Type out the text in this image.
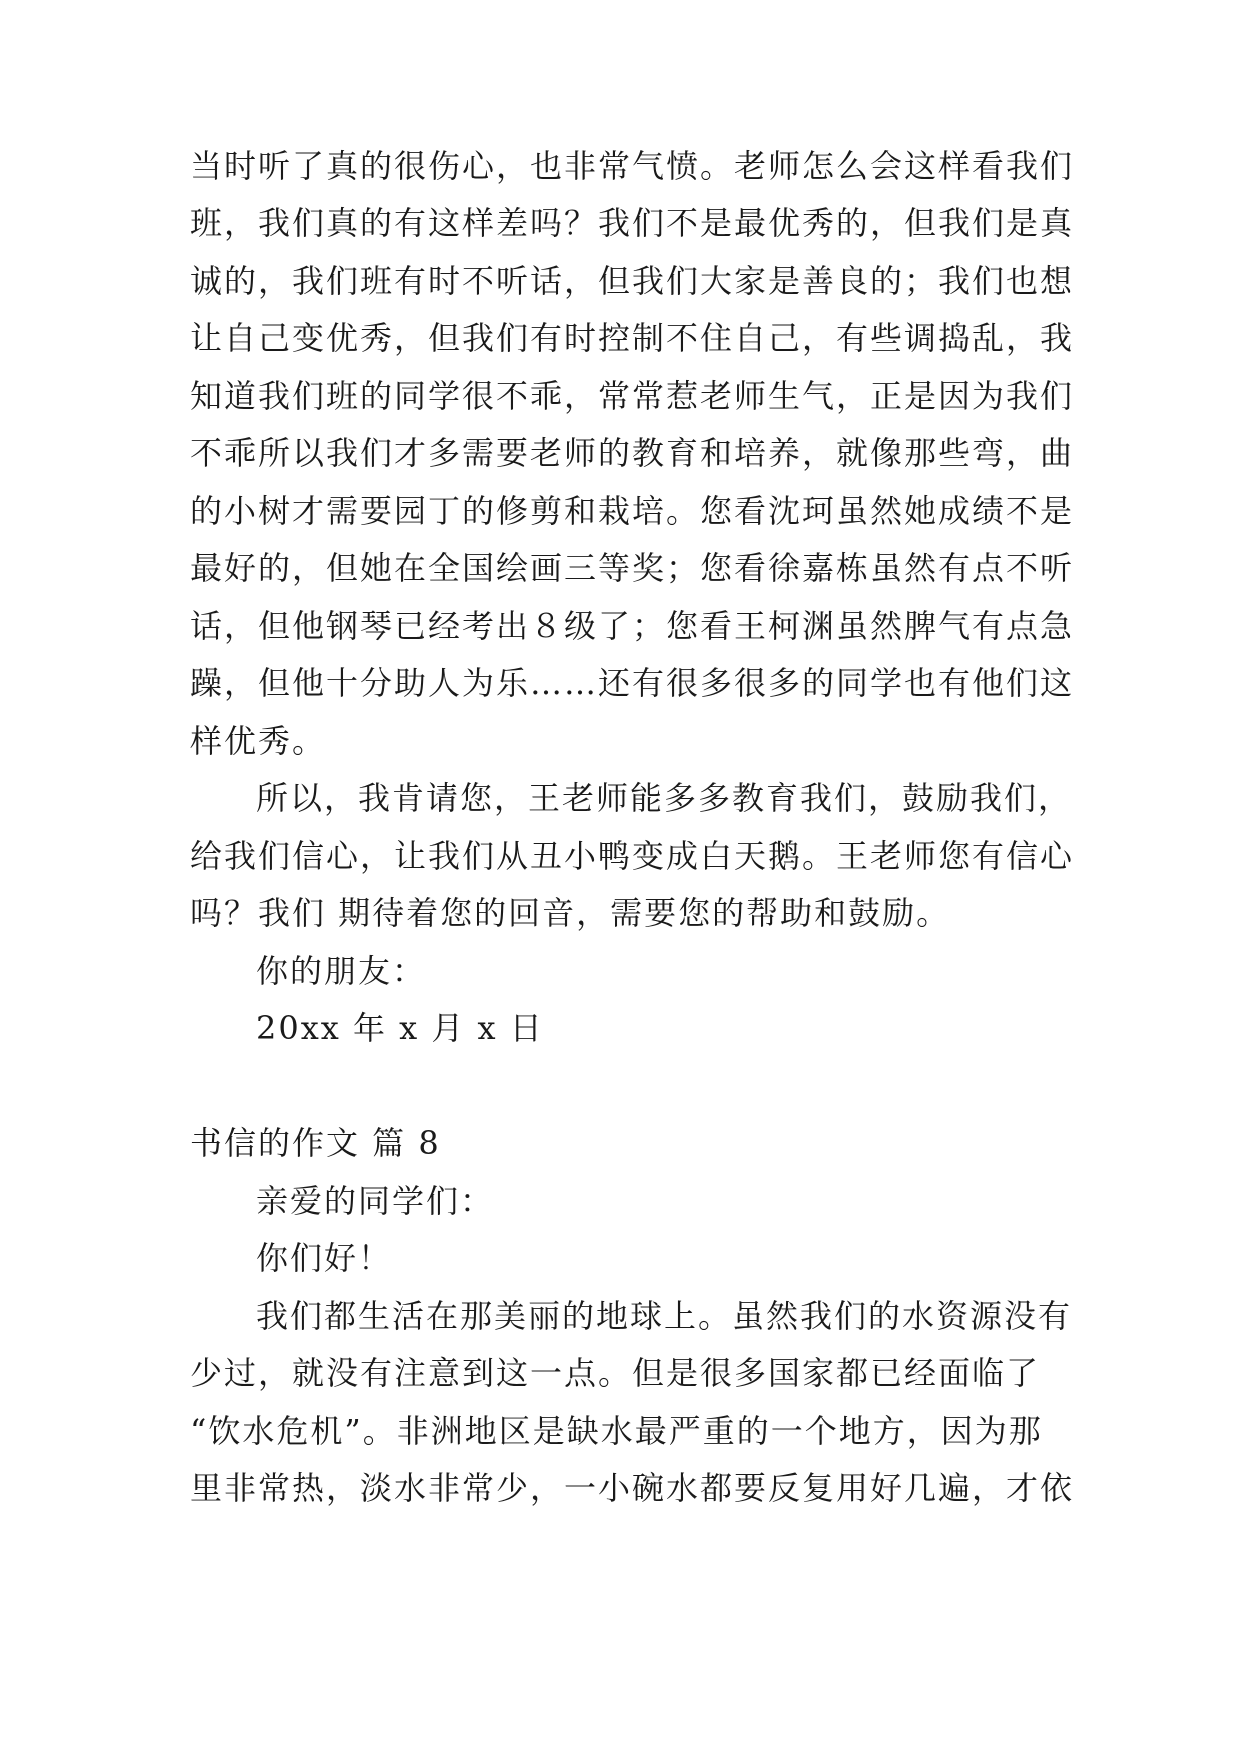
当时听了真的很伤心，也非常气愤。老师怎么会这样看我们
班，我们真的有这样差吗？我们不是最优秀的，但我们是真
诚的，我们班有时不听话，但我们大家是善良的；我们也想
让自己变优秀，但我们有时控制不住自己，有些调捣乱，我
知道我们班的同学很不乖，常常惹老师生气，正是因为我们
不乖所以我们才多需要老师的教育和培养，就像那些弯，曲
的小树才需要园丁的修剪和栽培。您看沈珂虽然她成绩不是
最好的，但她在全国绘画三等奖；您看徐嘉栋虽然有点不听
话，但他钢琴已经考出８级了；您看王柯渊虽然脾气有点急
躁，但他十分助人为乐……还有很多很多的同学也有他们这
样优秀。
所以，我肯请您，王老师能多多教育我们，鼓励我们，
给我们信心，让我们从丑小鸭变成白天鹅。王老师您有信心
吗？我们 期待着您的回音，需要您的帮助和鼓励。
你的朋友：
20xx 年 x 月 x 日
书信的作文 篇 8
亲爱的同学们：
你们好！
我们都生活在那美丽的地球上。虽然我们的水资源没有
少过，就没有注意到这一点。但是很多国家都已经面临了
“饮水危机”。非洲地区是缺水最严重的一个地方，因为那
里非常热，淡水非常少，一小碗水都要反复用好几遍，才依
